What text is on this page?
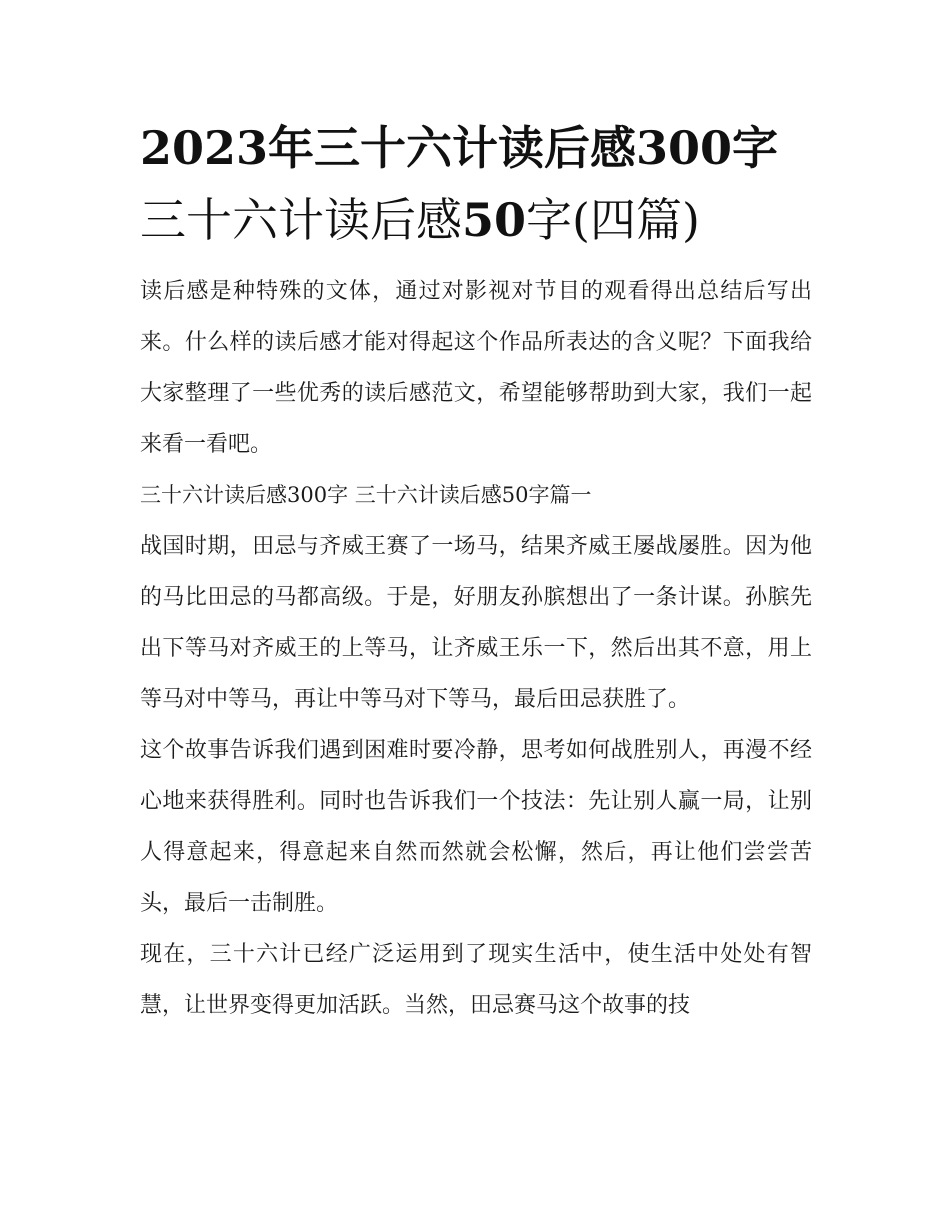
2023年三十六计读后感300字
三十六计读后感50字(四篇)

读后感是种特殊的文体，通过对影视对节目的观看得出总结后写出来。什么样的读后感才能对得起这个作品所表达的含义呢？下面我给大家整理了一些优秀的读后感范文，希望能够帮助到大家，我们一起来看一看吧。

三十六计读后感300字 三十六计读后感50字篇一

战国时期，田忌与齐威王赛了一场马，结果齐威王屡战屡胜。因为他的马比田忌的马都高级。于是，好朋友孙膑想出了一条计谋。孙膑先出下等马对齐威王的上等马，让齐威王乐一下，然后出其不意，用上等马对中等马，再让中等马对下等马，最后田忌获胜了。

这个故事告诉我们遇到困难时要冷静，思考如何战胜别人，再漫不经心地来获得胜利。同时也告诉我们一个技法：先让别人赢一局，让别人得意起来，得意起来自然而然就会松懈，然后，再让他们尝尝苦头，最后一击制胜。

现在，三十六计已经广泛运用到了现实生活中，使生活中处处有智慧，让世界变得更加活跃。当然，田忌赛马这个故事的技
